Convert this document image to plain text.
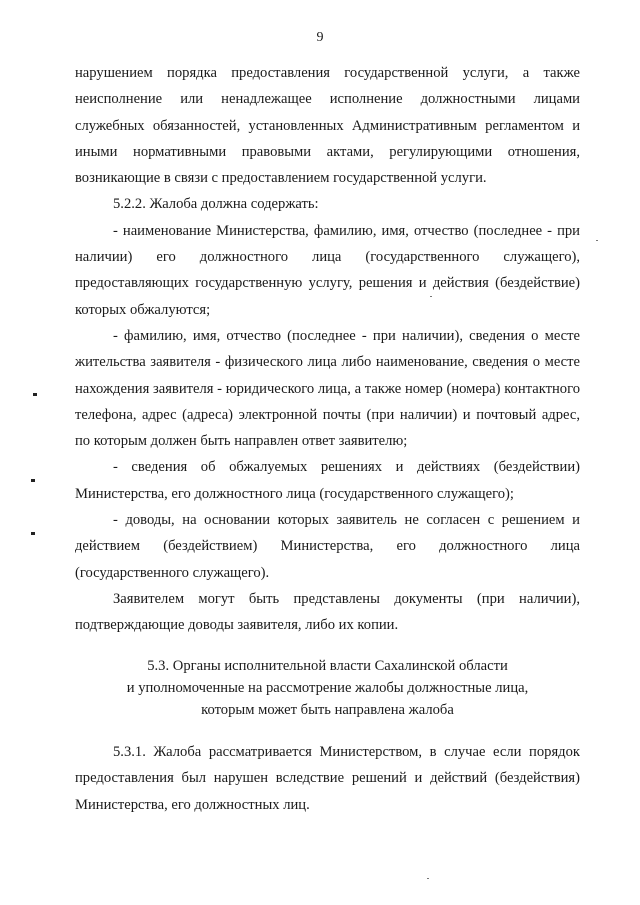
9

нарушением порядка предоставления государственной услуги, а также неисполнение или ненадлежащее исполнение должностными лицами служебных обязанностей, установленных Административным регламентом и иными нормативными правовыми актами, регулирующими отношения, возникающие в связи с предоставлением государственной услуги.

5.2.2. Жалоба должна содержать:

- наименование Министерства, фамилию, имя, отчество (последнее - при наличии) его должностного лица (государственного служащего), предоставляющих государственную услугу, решения и действия (бездействие) которых обжалуются;

- фамилию, имя, отчество (последнее - при наличии), сведения о месте жительства заявителя - физического лица либо наименование, сведения о месте нахождения заявителя - юридического лица, а также номер (номера) контактного телефона, адрес (адреса) электронной почты (при наличии) и почтовый адрес, по которым должен быть направлен ответ заявителю;

- сведения об обжалуемых решениях и действиях (бездействии) Министерства, его должностного лица (государственного служащего);

- доводы, на основании которых заявитель не согласен с решением и действием (бездействием) Министерства, его должностного лица (государственного служащего).

Заявителем могут быть представлены документы (при наличии), подтверждающие доводы заявителя, либо их копии.

5.3. Органы исполнительной власти Сахалинской области
и уполномоченные на рассмотрение жалобы должностные лица,
которым может быть направлена жалоба

5.3.1. Жалоба рассматривается Министерством, в случае если порядок предоставления был нарушен вследствие решений и действий (бездействия) Министерства, его должностных лиц.
